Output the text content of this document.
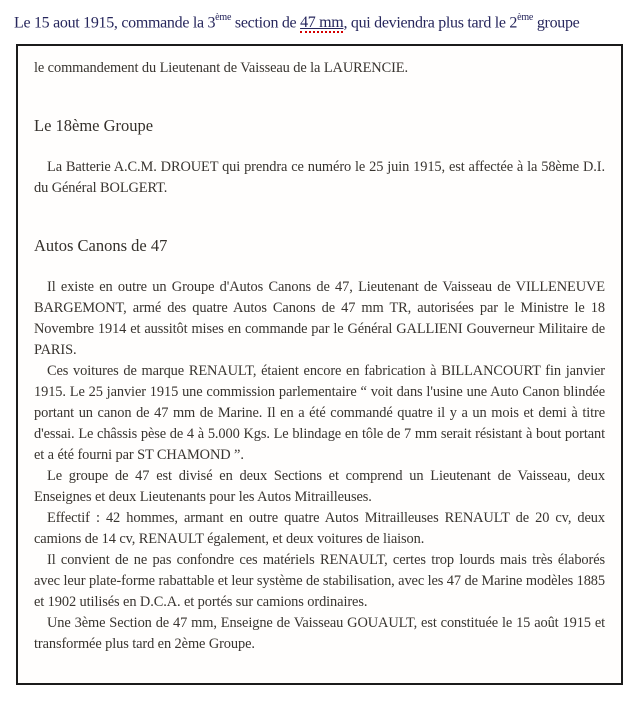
Le 15 aout 1915, commande la 3ème section de 47 mm, qui deviendra plus tard le 2ème groupe

le commandement du Lieutenant de Vaisseau de la LAURENCIE.

Le 18ème Groupe

La Batterie A.C.M. DROUET qui prendra ce numéro le 25 juin 1915, est affectée à la 58ème D.I. du Général BOLGERT.

Autos Canons de 47

Il existe en outre un Groupe d'Autos Canons de 47, Lieutenant de Vaisseau de VILLENEUVE BARGEMONT, armé des quatre Autos Canons de 47 mm TR, autorisées par le Ministre le 18 Novembre 1914 et aussitôt mises en commande par le Général GALLIENI Gouverneur Militaire de PARIS.

Ces voitures de marque RENAULT, étaient encore en fabrication à BILLANCOURT fin janvier 1915. Le 25 janvier 1915 une commission parlementaire “ voit dans l'usine une Auto Canon blindée portant un canon de 47 mm de Marine. Il en a été commandé quatre il y a un mois et demi à titre d'essai. Le châssis pèse de 4 à 5.000 Kgs. Le blindage en tôle de 7 mm serait résistant à bout portant et a été fourni par ST CHAMOND ”.

Le groupe de 47 est divisé en deux Sections et comprend un Lieutenant de Vaisseau, deux Enseignes et deux Lieutenants pour les Autos Mitrailleuses.

Effectif : 42 hommes, armant en outre quatre Autos Mitrailleuses RENAULT de 20 cv, deux camions de 14 cv, RENAULT également, et deux voitures de liaison.

Il convient de ne pas confondre ces matériels RENAULT, certes trop lourds mais très élaborés avec leur plate-forme rabattable et leur système de stabilisation, avec les 47 de Marine modèles 1885 et 1902 utilisés en D.C.A. et portés sur camions ordinaires.

Une 3ème Section de 47 mm, Enseigne de Vaisseau GOUAULT, est constituée le 15 août 1915 et transformée plus tard en 2ème Groupe.
